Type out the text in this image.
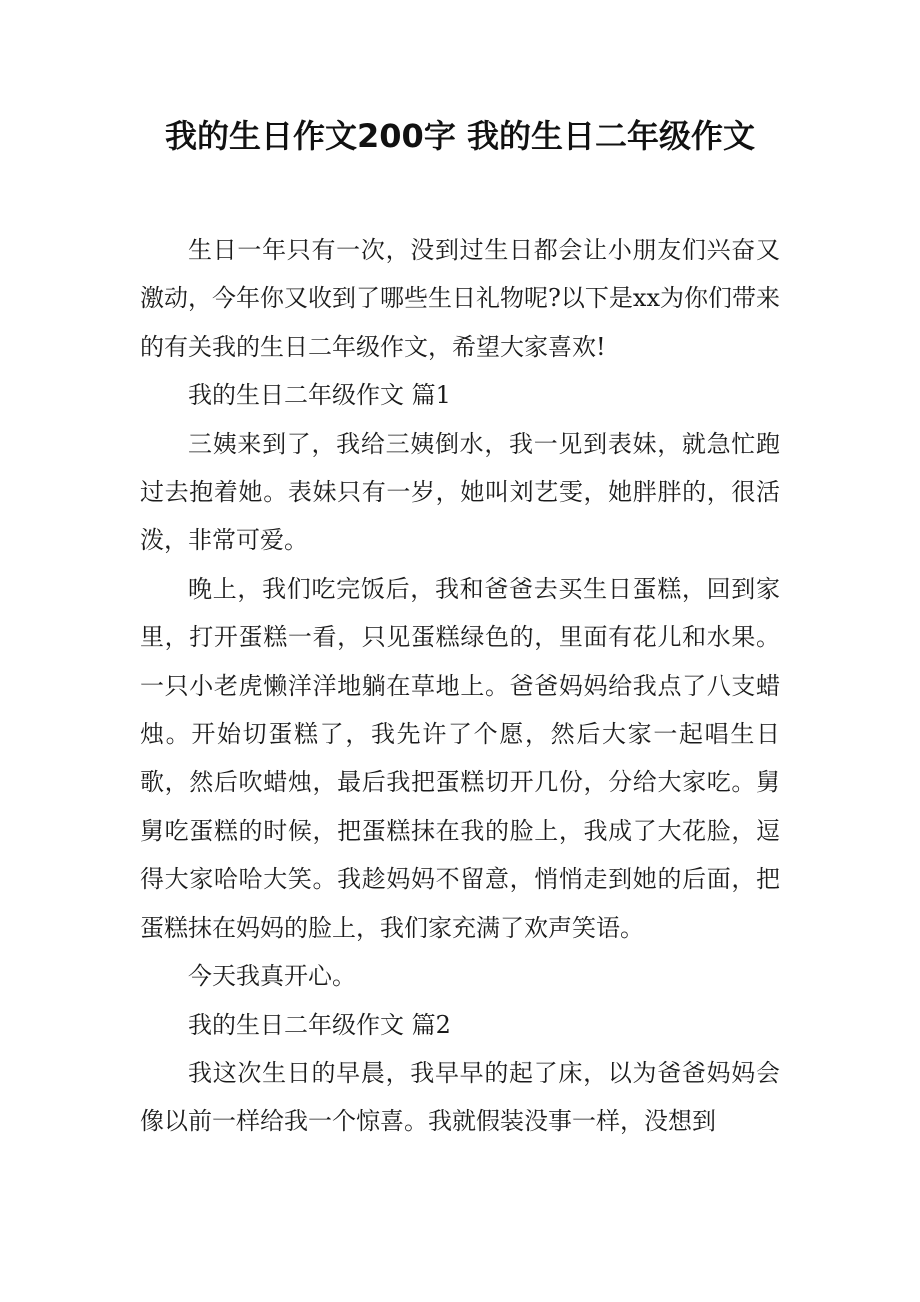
我的生日作文200字 我的生日二年级作文

生日一年只有一次，没到过生日都会让小朋友们兴奋又激动，今年你又收到了哪些生日礼物呢?以下是xx为你们带来的有关我的生日二年级作文，希望大家喜欢!

我的生日二年级作文 篇1

三姨来到了，我给三姨倒水，我一见到表妹，就急忙跑过去抱着她。表妹只有一岁，她叫刘艺雯，她胖胖的，很活泼，非常可爱。

晚上，我们吃完饭后，我和爸爸去买生日蛋糕，回到家里，打开蛋糕一看，只见蛋糕绿色的，里面有花儿和水果。一只小老虎懒洋洋地躺在草地上。爸爸妈妈给我点了八支蜡烛。开始切蛋糕了，我先许了个愿，然后大家一起唱生日歌，然后吹蜡烛，最后我把蛋糕切开几份，分给大家吃。舅舅吃蛋糕的时候，把蛋糕抹在我的脸上，我成了大花脸，逗得大家哈哈大笑。我趁妈妈不留意，悄悄走到她的后面，把蛋糕抹在妈妈的脸上，我们家充满了欢声笑语。

今天我真开心。

我的生日二年级作文 篇2

我这次生日的早晨，我早早的起了床，以为爸爸妈妈会像以前一样给我一个惊喜。我就假装没事一样，没想到
